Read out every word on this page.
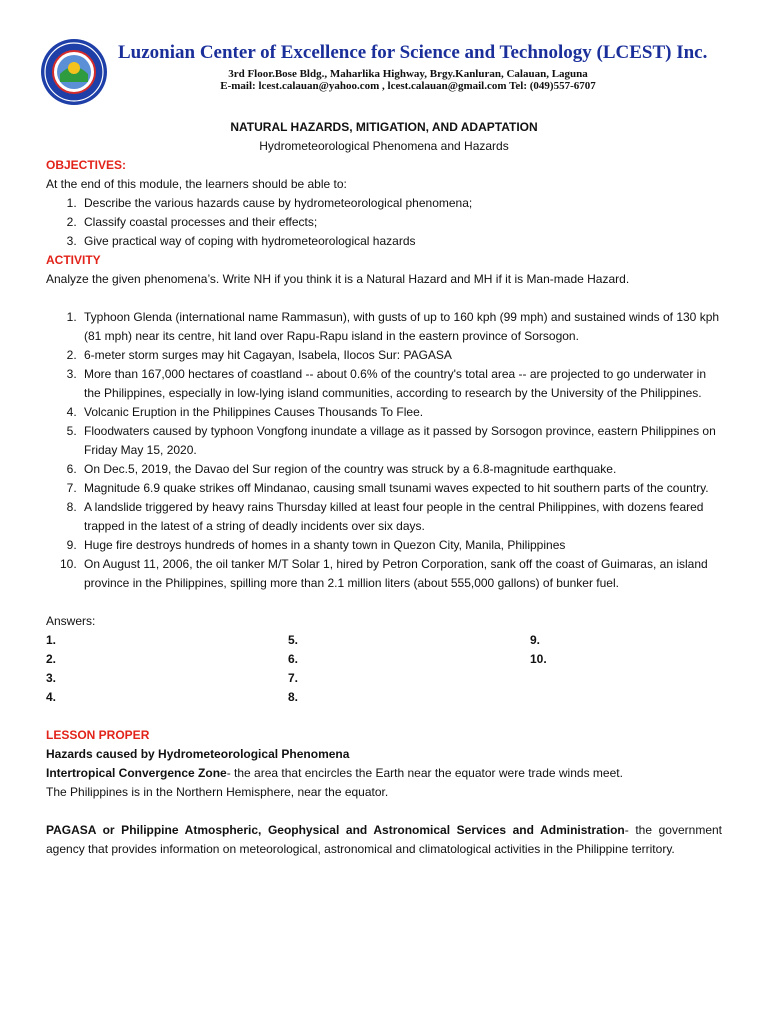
Luzonian Center of Excellence for Science and Technology (LCEST) Inc.
3rd Floor.Bose Bldg., Maharlika Highway, Brgy.Kanluran, Calauan, Laguna
E-mail: lcest.calauan@yahoo.com , lcest.calauan@gmail.com Tel: (049)557-6707
NATURAL HAZARDS, MITIGATION, AND ADAPTATION
Hydrometeorological Phenomena and Hazards
OBJECTIVES:
At the end of this module, the learners should be able to:
1. Describe the various hazards cause by hydrometeorological phenomena;
2. Classify coastal processes and their effects;
3. Give practical way of coping with hydrometeorological hazards
ACTIVITY
Analyze the given phenomena’s. Write NH if you think it is a Natural Hazard and MH if it is Man-made Hazard.
1. Typhoon Glenda (international name Rammasun), with gusts of up to 160 kph (99 mph) and sustained winds of 130 kph (81 mph) near its centre, hit land over Rapu-Rapu island in the eastern province of Sorsogon.
2. 6-meter storm surges may hit Cagayan, Isabela, Ilocos Sur: PAGASA
3. More than 167,000 hectares of coastland -- about 0.6% of the country's total area -- are projected to go underwater in the Philippines, especially in low-lying island communities, according to research by the University of the Philippines.
4. Volcanic Eruption in the Philippines Causes Thousands To Flee.
5. Floodwaters caused by typhoon Vongfong inundate a village as it passed by Sorsogon province, eastern Philippines on Friday May 15, 2020.
6. On Dec.5, 2019, the Davao del Sur region of the country was struck by a 6.8-magnitude earthquake.
7. Magnitude 6.9 quake strikes off Mindanao, causing small tsunami waves expected to hit southern parts of the country.
8. A landslide triggered by heavy rains Thursday killed at least four people in the central Philippines, with dozens feared trapped in the latest of a string of deadly incidents over six days.
9. Huge fire destroys hundreds of homes in a shanty town in Quezon City, Manila, Philippines
10. On August 11, 2006, the oil tanker M/T Solar 1, hired by Petron Corporation, sank off the coast of Guimaras, an island province in the Philippines, spilling more than 2.1 million liters (about 555,000 gallons) of bunker fuel.
Answers:
1.	5.	9.
2.	6.	10.
3.	7.
4.	8.
LESSON PROPER
Hazards caused by Hydrometeorological Phenomena
Intertropical Convergence Zone- the area that encircles the Earth near the equator were trade winds meet.
The Philippines is in the Northern Hemisphere, near the equator.
PAGASA or Philippine Atmospheric, Geophysical and Astronomical Services and Administration- the government agency that provides information on meteorological, astronomical and climatological activities in the Philippine territory.
